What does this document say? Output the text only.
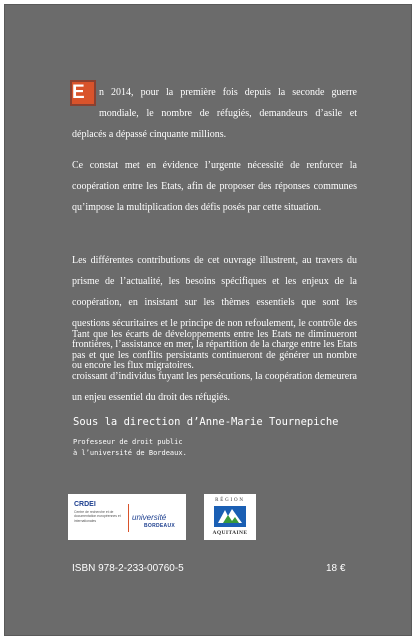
E	n 2014, pour la première fois depuis la seconde guerre mondiale, le nombre de réfugiés, demandeurs d’asile et déplacés a dépassé cinquante millions.

Ce constat met en évidence l’urgente nécessité de renforcer la coopération entre les Etats, afin de proposer des réponses communes qu’impose la multiplication des défis posés par cette situation.

Les différentes contributions de cet ouvrage illustrent, au travers du prisme de l’actualité, les besoins spécifiques et les enjeux de la coopération, en insistant sur les thèmes essentiels que sont les questions sécuritaires et le principe de non refoulement, le contrôle des frontières, l’assistance en mer, la répartition de la charge entre les Etats ou encore les flux migratoires.

Tant que les écarts de développements entre les Etats ne diminueront pas et que les conflits persistants continueront de générer un nombre croissant d’individus fuyant les persécutions, la coopération demeurera un enjeu essentiel du droit des réfugiés.

Sous la direction d’Anne-Marie Tournepiche
Professeur de droit public
à l’université de Bordeaux.
CRDEI
Centre de recherche et de documentation européennes et internationales	université
BORDEAUX
RÉGION
AQUITAINE
ISBN 978-2-233-00760-5	18 €
